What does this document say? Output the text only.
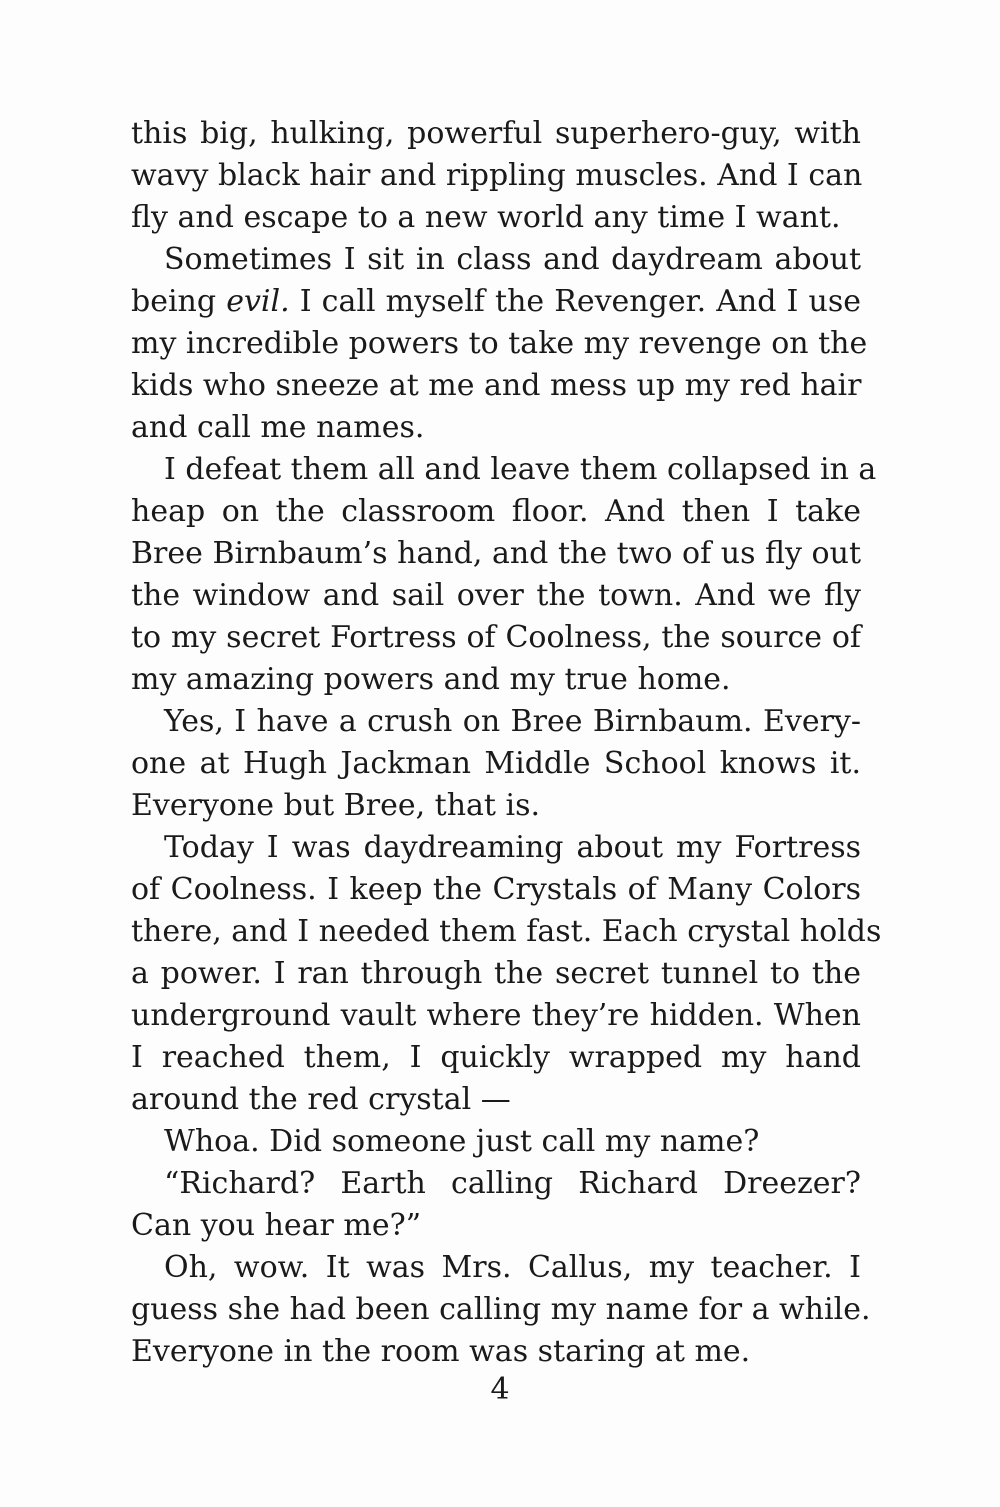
this big, hulking, powerful superhero-guy, with
wavy black hair and rippling muscles. And I can
fly and escape to a new world any time I want.
Sometimes I sit in class and daydream about
being evil. I call myself the Revenger. And I use
my incredible powers to take my revenge on the
kids who sneeze at me and mess up my red hair
and call me names.
I defeat them all and leave them collapsed in a
heap on the classroom floor. And then I take
Bree Birnbaum’s hand, and the two of us fly out
the window and sail over the town. And we fly
to my secret Fortress of Coolness, the source of
my amazing powers and my true home.
Yes, I have a crush on Bree Birnbaum. Every-
one at Hugh Jackman Middle School knows it.
Everyone but Bree, that is.
Today I was daydreaming about my Fortress
of Coolness. I keep the Crystals of Many Colors
there, and I needed them fast. Each crystal holds
a power. I ran through the secret tunnel to the
underground vault where they’re hidden. When
I reached them, I quickly wrapped my hand
around the red crystal —
Whoa. Did someone just call my name?
“Richard? Earth calling Richard Dreezer?
Can you hear me?”
Oh, wow. It was Mrs. Callus, my teacher. I
guess she had been calling my name for a while.
Everyone in the room was staring at me.
4
